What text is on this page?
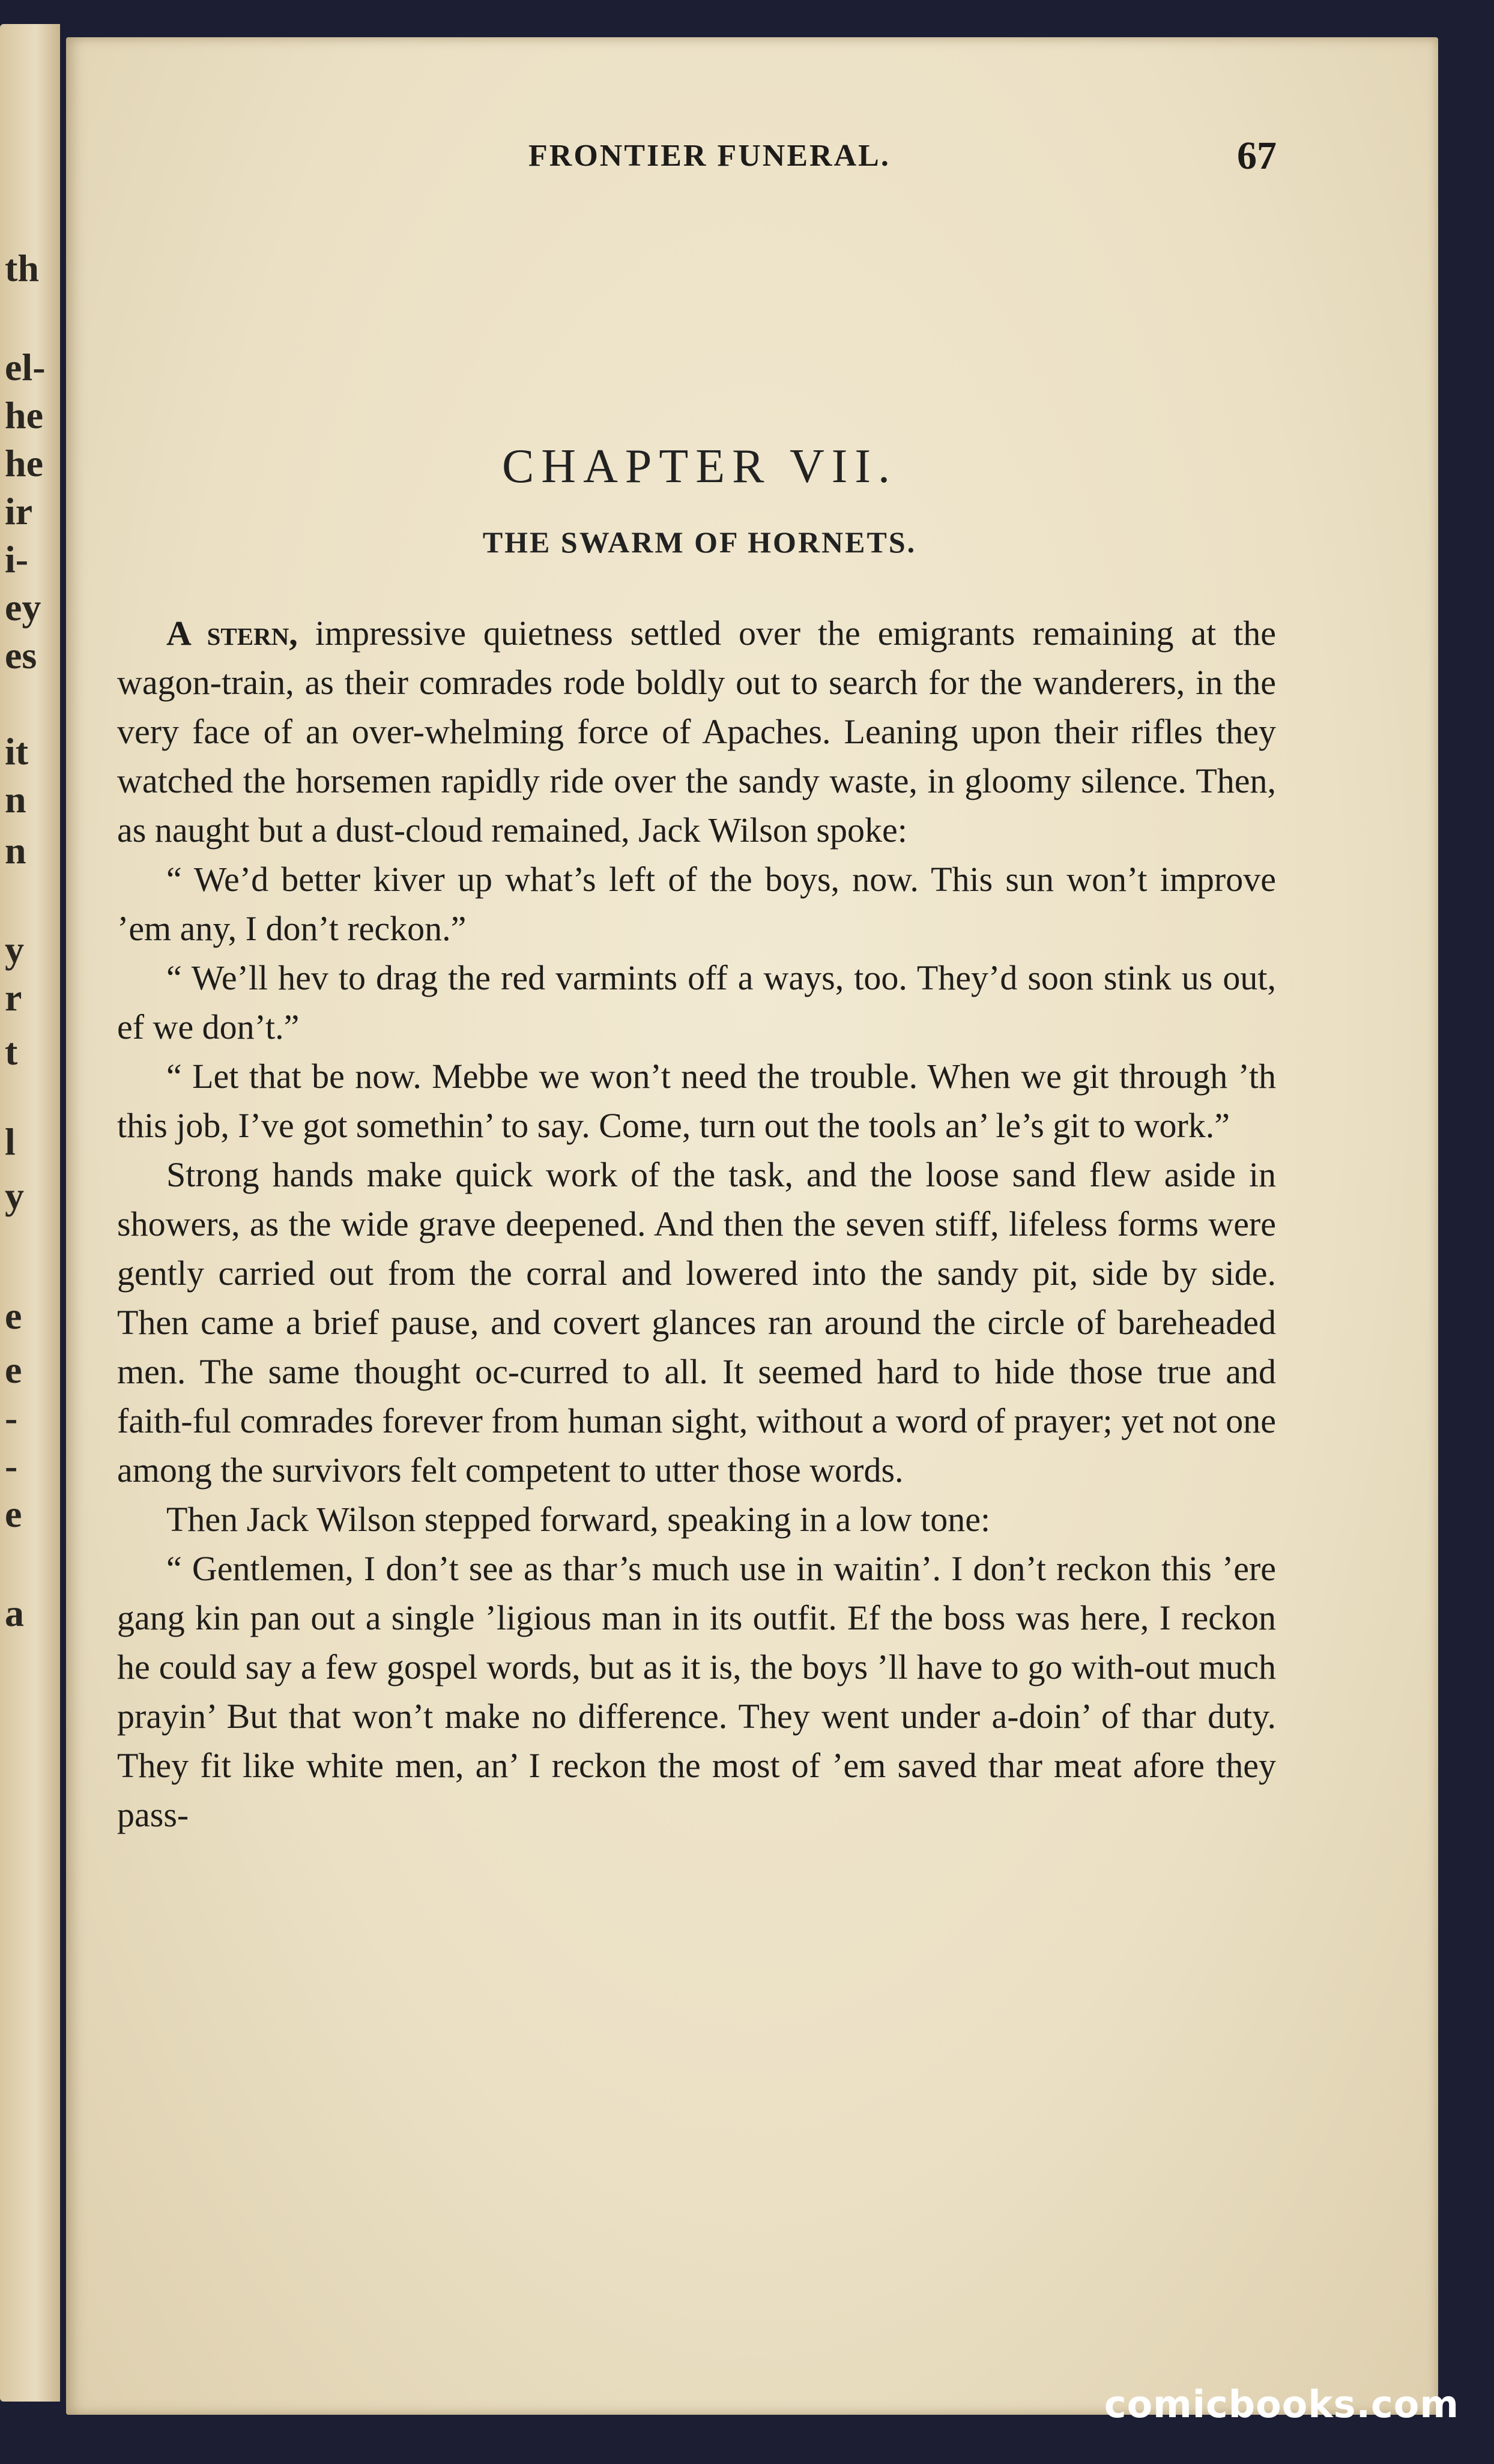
th
el-
he
he
ir
i-
ey
es
it
n
n
y
r
t
l
y
e
e
-
-
e
a
FRONTIER FUNERAL.	67
CHAPTER VII.
THE SWARM OF HORNETS.

A stern, impressive quietness settled over the emigrants remaining at the wagon-train, as their comrades rode boldly out to search for the wanderers, in the very face of an over-whelming force of Apaches. Leaning upon their rifles they watched the horsemen rapidly ride over the sandy waste, in gloomy silence. Then, as naught but a dust-cloud remained, Jack Wilson spoke:

“ We’d better kiver up what’s left of the boys, now. This sun won’t improve ’em any, I don’t reckon.”

“ We’ll hev to drag the red varmints off a ways, too. They’d soon stink us out, ef we don’t.”

“ Let that be now. Mebbe we won’t need the trouble. When we git through ’th this job, I’ve got somethin’ to say. Come, turn out the tools an’ le’s git to work.”

Strong hands make quick work of the task, and the loose sand flew aside in showers, as the wide grave deepened. And then the seven stiff, lifeless forms were gently carried out from the corral and lowered into the sandy pit, side by side. Then came a brief pause, and covert glances ran around the circle of bareheaded men. The same thought oc-curred to all. It seemed hard to hide those true and faith-ful comrades forever from human sight, without a word of prayer; yet not one among the survivors felt competent to utter those words.

Then Jack Wilson stepped forward, speaking in a low tone:

“ Gentlemen, I don’t see as thar’s much use in waitin’. I don’t reckon this ’ere gang kin pan out a single ’ligious man in its outfit. Ef the boss was here, I reckon he could say a few gospel words, but as it is, the boys ’ll have to go with-out much prayin’ But that won’t make no difference. They went under a-doin’ of thar duty. They fit like white men, an’ I reckon the most of ’em saved thar meat afore they pass-

comicbooks.com
